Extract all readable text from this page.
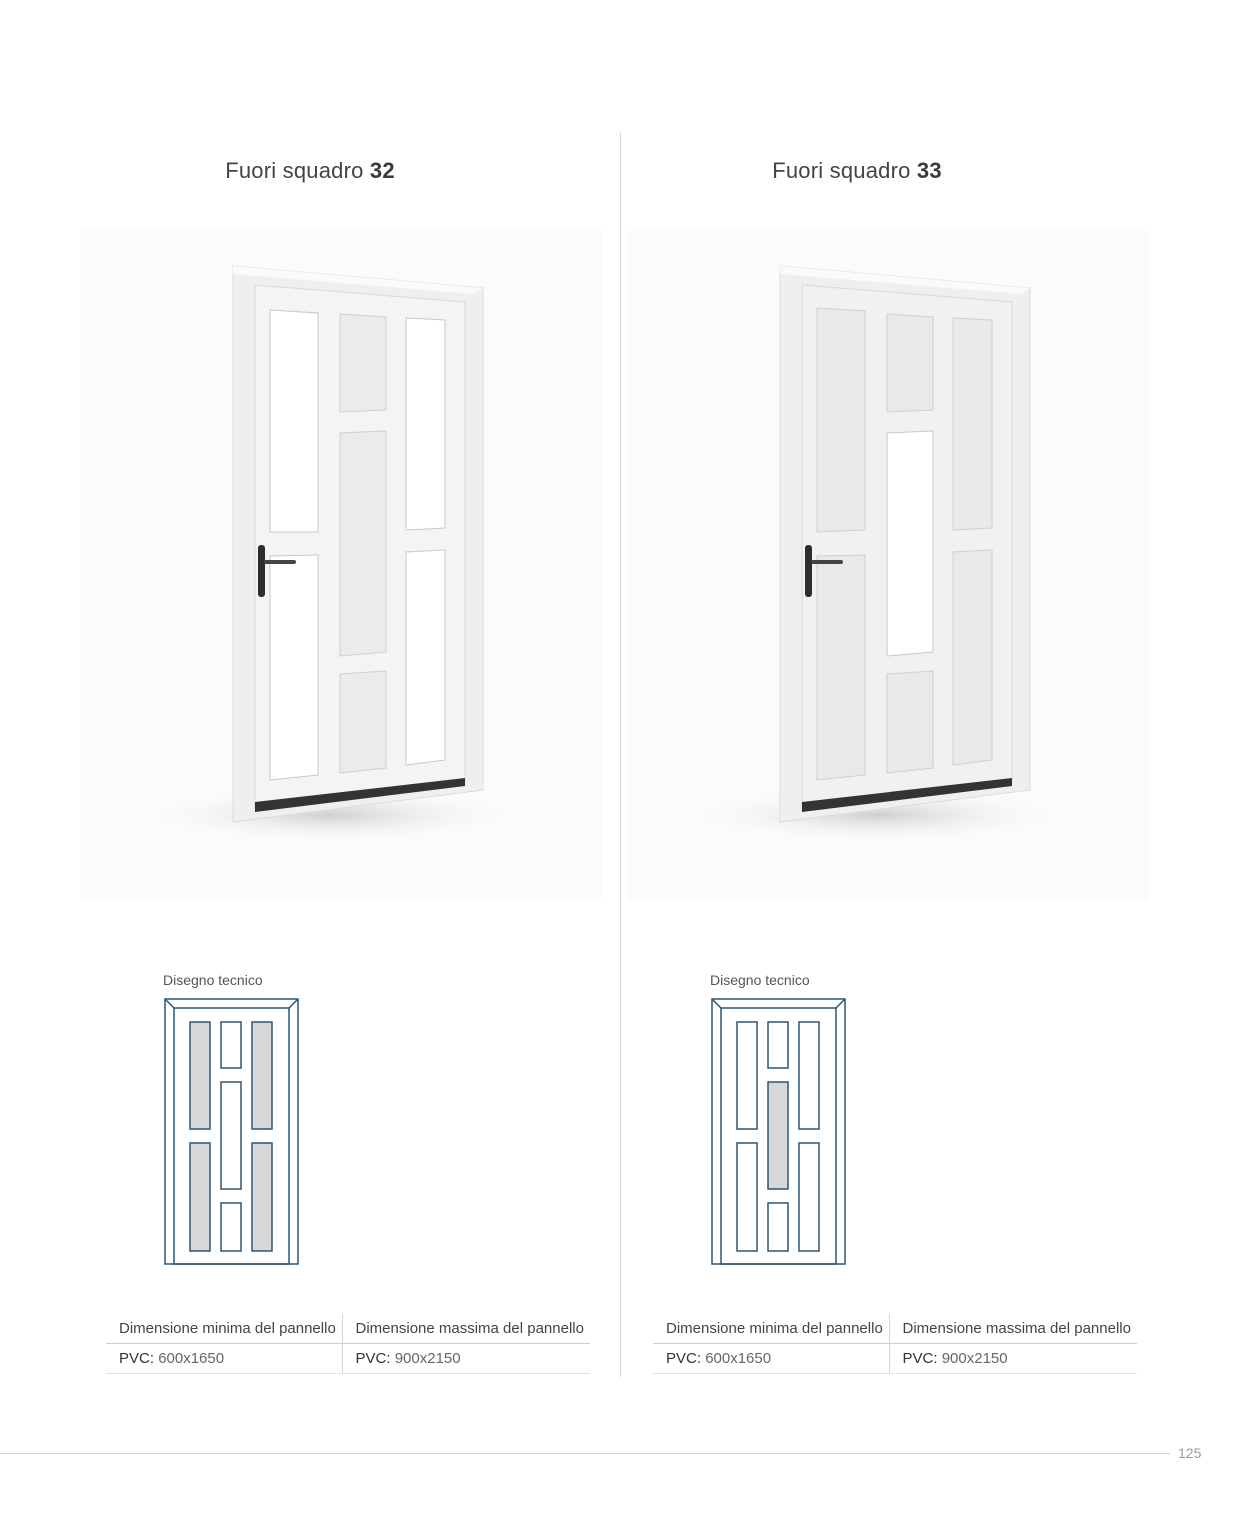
Fuori squadro 32
Disegno tecnico
Dimensione minima del pannello	Dimensione massima del pannello
PVC: 600x1650	PVC: 900x2150
Fuori squadro 33
Disegno tecnico
Dimensione minima del pannello	Dimensione massima del pannello
PVC: 600x1650	PVC: 900x2150
125
